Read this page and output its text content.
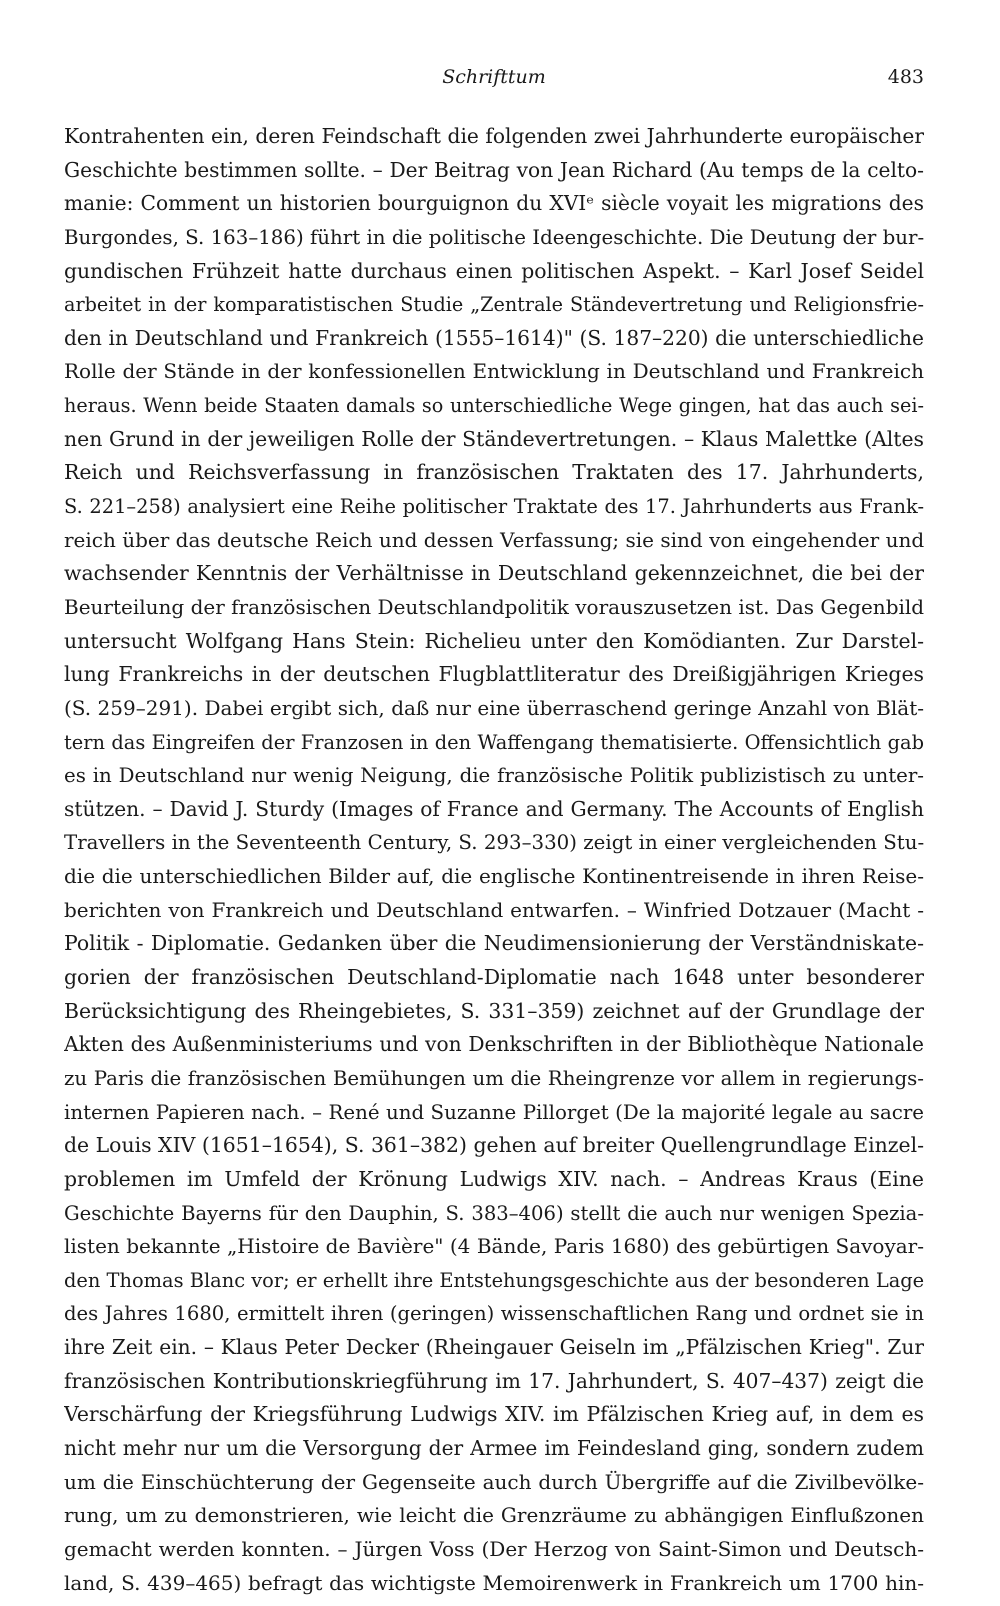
Schrifttum	483
Kontrahenten ein, deren Feindschaft die folgenden zwei Jahrhunderte europäischer
Geschichte bestimmen sollte. – Der Beitrag von Jean Richard (Au temps de la celto-
manie: Comment un historien bourguignon du XVIᵉ siècle voyait les migrations des
Burgondes, S. 163–186) führt in die politische Ideengeschichte. Die Deutung der bur-
gundischen Frühzeit hatte durchaus einen politischen Aspekt. – Karl Josef Seidel
arbeitet in der komparatistischen Studie „Zentrale Ständevertretung und Religionsfrie-
den in Deutschland und Frankreich (1555–1614)" (S. 187–220) die unterschiedliche
Rolle der Stände in der konfessionellen Entwicklung in Deutschland und Frankreich
heraus. Wenn beide Staaten damals so unterschiedliche Wege gingen, hat das auch sei-
nen Grund in der jeweiligen Rolle der Ständevertretungen. – Klaus Malettke (Altes
Reich und Reichsverfassung in französischen Traktaten des 17. Jahrhunderts,
S. 221–258) analysiert eine Reihe politischer Traktate des 17. Jahrhunderts aus Frank-
reich über das deutsche Reich und dessen Verfassung; sie sind von eingehender und
wachsender Kenntnis der Verhältnisse in Deutschland gekennzeichnet, die bei der
Beurteilung der französischen Deutschlandpolitik vorauszusetzen ist. Das Gegenbild
untersucht Wolfgang Hans Stein: Richelieu unter den Komödianten. Zur Darstel-
lung Frankreichs in der deutschen Flugblattliteratur des Dreißigjährigen Krieges
(S. 259–291). Dabei ergibt sich, daß nur eine überraschend geringe Anzahl von Blät-
tern das Eingreifen der Franzosen in den Waffengang thematisierte. Offensichtlich gab
es in Deutschland nur wenig Neigung, die französische Politik publizistisch zu unter-
stützen. – David J. Sturdy (Images of France and Germany. The Accounts of English
Travellers in the Seventeenth Century, S. 293–330) zeigt in einer vergleichenden Stu-
die die unterschiedlichen Bilder auf, die englische Kontinentreisende in ihren Reise-
berichten von Frankreich und Deutschland entwarfen. – Winfried Dotzauer (Macht -
Politik - Diplomatie. Gedanken über die Neudimensionierung der Verständniskate-
gorien der französischen Deutschland-Diplomatie nach 1648 unter besonderer
Berücksichtigung des Rheingebietes, S. 331–359) zeichnet auf der Grundlage der
Akten des Außenministeriums und von Denkschriften in der Bibliothèque Nationale
zu Paris die französischen Bemühungen um die Rheingrenze vor allem in regierungs-
internen Papieren nach. – René und Suzanne Pillorget (De la majorité legale au sacre
de Louis XIV (1651–1654), S. 361–382) gehen auf breiter Quellengrundlage Einzel-
problemen im Umfeld der Krönung Ludwigs XIV. nach. – Andreas Kraus (Eine
Geschichte Bayerns für den Dauphin, S. 383–406) stellt die auch nur wenigen Spezia-
listen bekannte „Histoire de Bavière" (4 Bände, Paris 1680) des gebürtigen Savoyar-
den Thomas Blanc vor; er erhellt ihre Entstehungsgeschichte aus der besonderen Lage
des Jahres 1680, ermittelt ihren (geringen) wissenschaftlichen Rang und ordnet sie in
ihre Zeit ein. – Klaus Peter Decker (Rheingauer Geiseln im „Pfälzischen Krieg". Zur
französischen Kontributionskriegführung im 17. Jahrhundert, S. 407–437) zeigt die
Verschärfung der Kriegsführung Ludwigs XIV. im Pfälzischen Krieg auf, in dem es
nicht mehr nur um die Versorgung der Armee im Feindesland ging, sondern zudem
um die Einschüchterung der Gegenseite auch durch Übergriffe auf die Zivilbevölke-
rung, um zu demonstrieren, wie leicht die Grenzräume zu abhängigen Einflußzonen
gemacht werden konnten. – Jürgen Voss (Der Herzog von Saint-Simon und Deutsch-
land, S. 439–465) befragt das wichtigste Memoirenwerk in Frankreich um 1700 hin-
